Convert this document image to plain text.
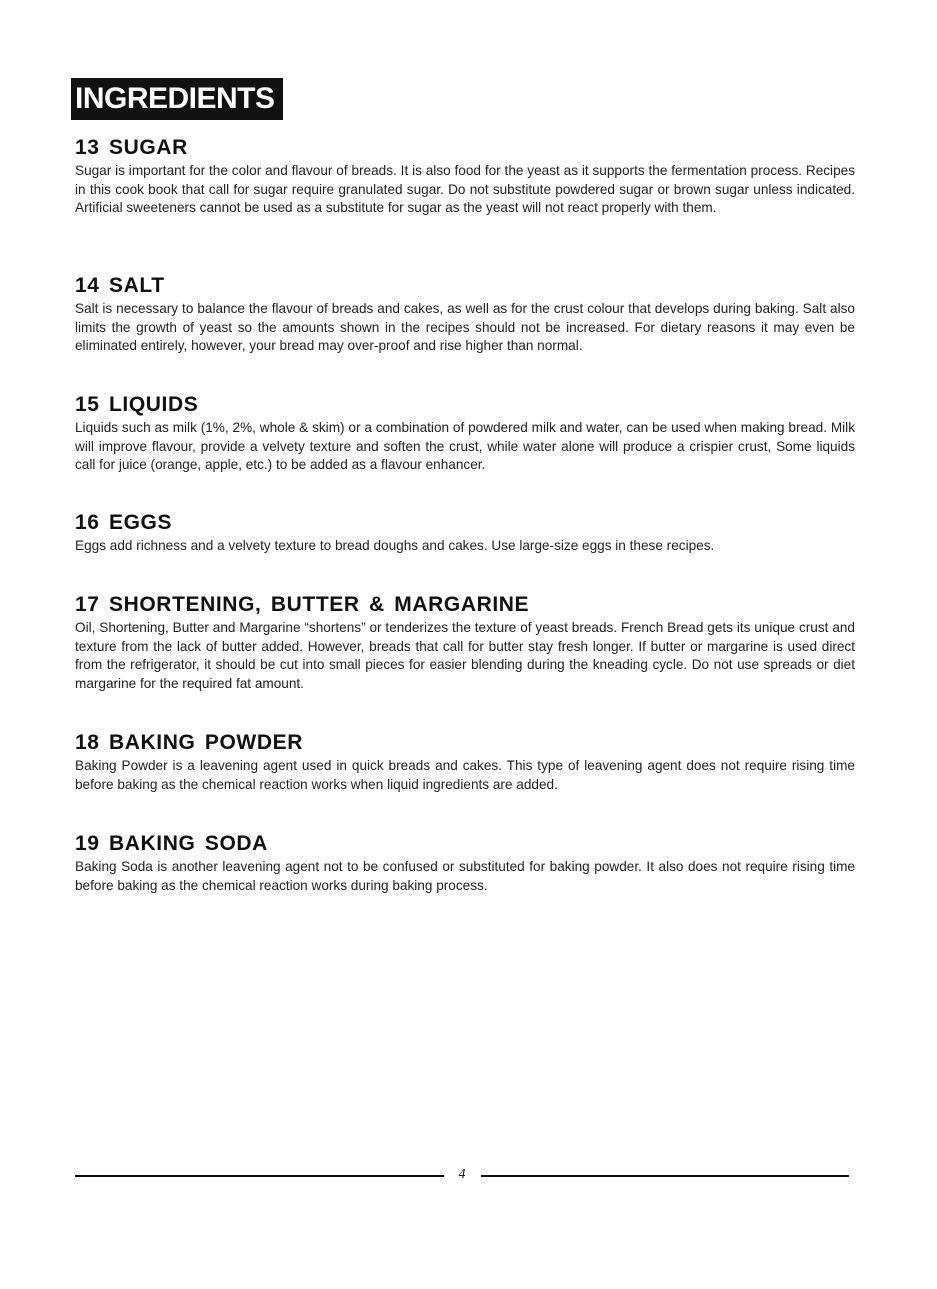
INGREDIENTS
13 SUGAR

Sugar is important for the color and flavour of breads. It is also food for the yeast as it supports the fermentation process. Recipes in this cook book that call for sugar require granulated sugar. Do not substitute powdered sugar or brown sugar unless indicated. Artificial sweeteners cannot be used as a substitute for sugar as the yeast will not react properly with them.

14 SALT

Salt is necessary to balance the flavour of breads and cakes, as well as for the crust colour that develops during baking. Salt also limits the growth of yeast so the amounts shown in the recipes should not be increased. For dietary reasons it may even be eliminated entirely, however, your bread may over-proof and rise higher than normal.

15 LIQUIDS

Liquids such as milk (1%, 2%, whole & skim) or a combination of powdered milk and water, can be used when making bread. Milk will improve flavour, provide a velvety texture and soften the crust, while water alone will produce a crispier crust, Some liquids call for juice (orange, apple, etc.) to be added as a flavour enhancer.

16 EGGS

Eggs add richness and a velvety texture to bread doughs and cakes. Use large-size eggs in these recipes.

17 SHORTENING, BUTTER & MARGARINE

Oil, Shortening, Butter and Margarine “shortens” or tenderizes the texture of yeast breads. French Bread gets its unique crust and texture from the lack of butter added. However, breads that call for butter stay fresh longer. If butter or margarine is used direct from the refrigerator, it should be cut into small pieces for easier blending during the kneading cycle. Do not use spreads or diet margarine for the required fat amount.

18 BAKING POWDER

Baking Powder is a leavening agent used in quick breads and cakes. This type of leavening agent does not require rising time before baking as the chemical reaction works when liquid ingredients are added.

19 BAKING SODA

Baking Soda is another leavening agent not to be confused or substituted for baking powder. It also does not require rising time before baking as the chemical reaction works during baking process.

4
